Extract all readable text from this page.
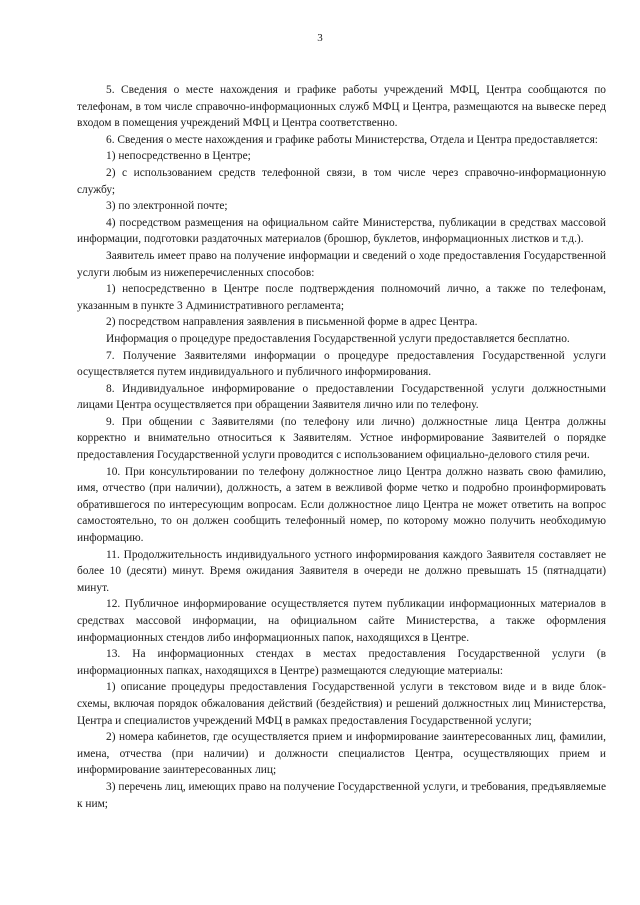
3

5. Сведения о месте нахождения и графике работы учреждений МФЦ, Центра сообщаются по телефонам, в том числе справочно-информационных служб МФЦ и Центра, размещаются на вывеске перед входом в помещения учреждений МФЦ и Центра соответственно.

6. Сведения о месте нахождения и графике работы Министерства, Отдела и Центра предоставляется:

1) непосредственно в Центре;

2) с использованием средств телефонной связи, в том числе через справочно-информационную службу;

3) по электронной почте;

4) посредством размещения на официальном сайте Министерства, публикации в средствах массовой информации, подготовки раздаточных материалов (брошюр, буклетов, информационных листков и т.д.).

Заявитель имеет право на получение информации и сведений о ходе предоставления Государственной услуги любым из нижеперечисленных способов:

1) непосредственно в Центре после подтверждения полномочий лично, а также по телефонам, указанным в пункте 3 Административного регламента;

2) посредством направления заявления в письменной форме в адрес Центра.

Информация о процедуре предоставления Государственной услуги предоставляется бесплатно.

7. Получение Заявителями информации о процедуре предоставления Государственной услуги осуществляется путем индивидуального и публичного информирования.

8. Индивидуальное информирование о предоставлении Государственной услуги должностными лицами Центра осуществляется при обращении Заявителя лично или по телефону.

9. При общении с Заявителями (по телефону или лично) должностные лица Центра должны корректно и внимательно относиться к Заявителям. Устное информирование Заявителей о порядке предоставления Государственной услуги проводится с использованием официально-делового стиля речи.

10. При консультировании по телефону должностное лицо Центра должно назвать свою фамилию, имя, отчество (при наличии), должность, а затем в вежливой форме четко и подробно проинформировать обратившегося по интересующим вопросам. Если должностное лицо Центра не может ответить на вопрос самостоятельно, то он должен сообщить телефонный номер, по которому можно получить необходимую информацию.

11. Продолжительность индивидуального устного информирования каждого Заявителя составляет не более 10 (десяти) минут. Время ожидания Заявителя в очереди не должно превышать 15 (пятнадцати) минут.

12. Публичное информирование осуществляется путем публикации информационных материалов в средствах массовой информации, на официальном сайте Министерства, а также оформления информационных стендов либо информационных папок, находящихся в Центре.

13. На информационных стендах в местах предоставления Государственной услуги (в информационных папках, находящихся в Центре) размещаются следующие материалы:

1) описание процедуры предоставления Государственной услуги в текстовом виде и в виде блок-схемы, включая порядок обжалования действий (бездействия) и решений должностных лиц Министерства, Центра и специалистов учреждений МФЦ в рамках предоставления Государственной услуги;

2) номера кабинетов, где осуществляется прием и информирование заинтересованных лиц, фамилии, имена, отчества (при наличии) и должности специалистов Центра, осуществляющих прием и информирование заинтересованных лиц;

3) перечень лиц, имеющих право на получение Государственной услуги, и требования, предъявляемые к ним;
